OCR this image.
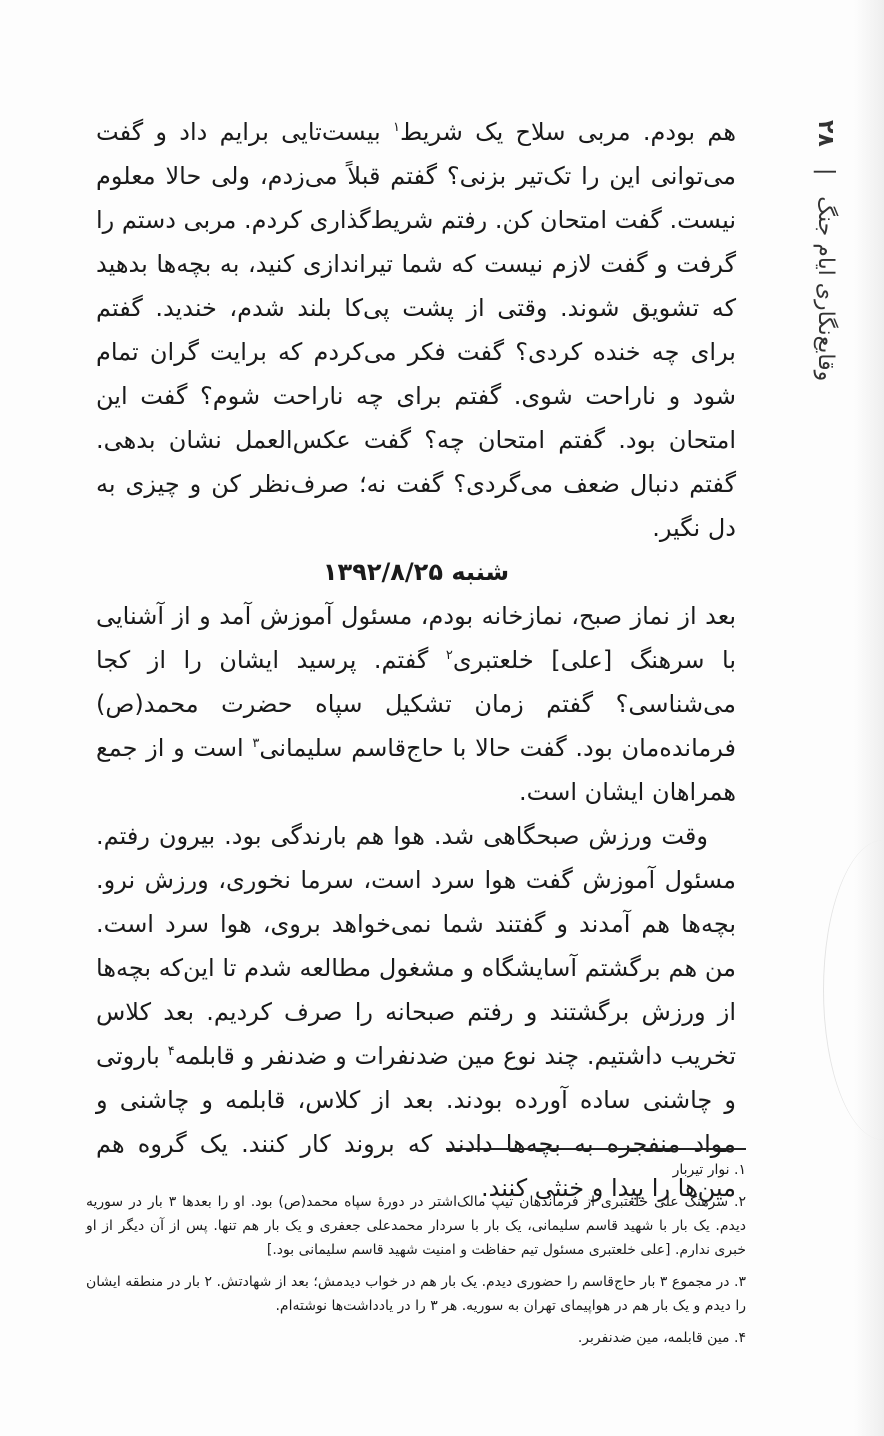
وقایع‌نگاری ایام جنگ | ۲۸

هم بودم. مربی سلاح یک شریط$^۱$ بیست‌تایی برایم داد و گفت می‌توانی این را تک‌تیر بزنی؟ گفتم قبلاً می‌زدم، ولی حالا معلوم نیست. گفت امتحان کن. رفتم شریط‌گذاری کردم. مربی دستم را گرفت و گفت لازم نیست که شما تیراندازی کنید، به بچه‌ها بدهید که تشویق شوند. وقتی از پشت پی‌کا بلند شدم، خندید. گفتم برای چه خنده کردی؟ گفت فکر می‌کردم که برایت گران تمام شود و ناراحت شوی. گفتم برای چه ناراحت شوم؟ گفت این امتحان بود. گفتم امتحان چه؟ گفت عکس‌العمل نشان بدهی. گفتم دنبال ضعف می‌گردی؟ گفت نه؛ صرف‌نظر کن و چیزی به دل نگیر.

شنبه ۱۳۹۲/۸/۲۵

بعد از نماز صبح، نمازخانه بودم، مسئول آموزش آمد و از آشنایی با سرهنگ [علی] خلعتبری$^۲$ گفتم. پرسید ایشان را از کجا می‌شناسی؟ گفتم زمان تشکیل سپاه حضرت محمد(ص) فرمانده‌مان بود. گفت حالا با حاج‌قاسم سلیمانی$^۳$ است و از جمع همراهان ایشان است.

وقت ورزش صبحگاهی شد. هوا هم بارندگی بود. بیرون رفتم. مسئول آموزش گفت هوا سرد است، سرما نخوری، ورزش نرو. بچه‌ها هم آمدند و گفتند شما نمی‌خواهد بروی، هوا سرد است. من هم برگشتم آسایشگاه و مشغول مطالعه شدم تا این‌که بچه‌ها از ورزش برگشتند و رفتم صبحانه را صرف کردیم. بعد کلاس تخریب داشتیم. چند نوع مین ضدنفرات و ضدنفر و قابلمه$^۴$ باروتی و چاشنی ساده آورده بودند. بعد از کلاس، قابلمه و چاشنی و مواد منفجره به بچه‌ها دادند که بروند کار کنند. یک گروه هم مین‌ها را پیدا و خنثی کنند.

۱. نوار تیربار

۲. سرهنگ علی خلعتبری از فرماندهان تیپ مالک‌اشتر در دورهٔ سپاه محمد(ص) بود. او را بعدها ۳ بار در سوریه دیدم. یک بار با شهید قاسم سلیمانی، یک بار با سردار محمدعلی جعفری و یک بار هم تنها. پس از آن دیگر از او خبری ندارم. [علی خلعتبری مسئول تیم حفاظت و امنیت شهید قاسم سلیمانی بود.]

۳. در مجموع ۳ بار حاج‌قاسم را حضوری دیدم. یک بار هم در خواب دیدمش؛ بعد از شهادتش. ۲ بار در منطقه ایشان را دیدم و یک بار هم در هواپیمای تهران به سوریه. هر ۳ را در یادداشت‌ها نوشته‌ام.

۴. مین قابلمه، مین ضدنفربر.
